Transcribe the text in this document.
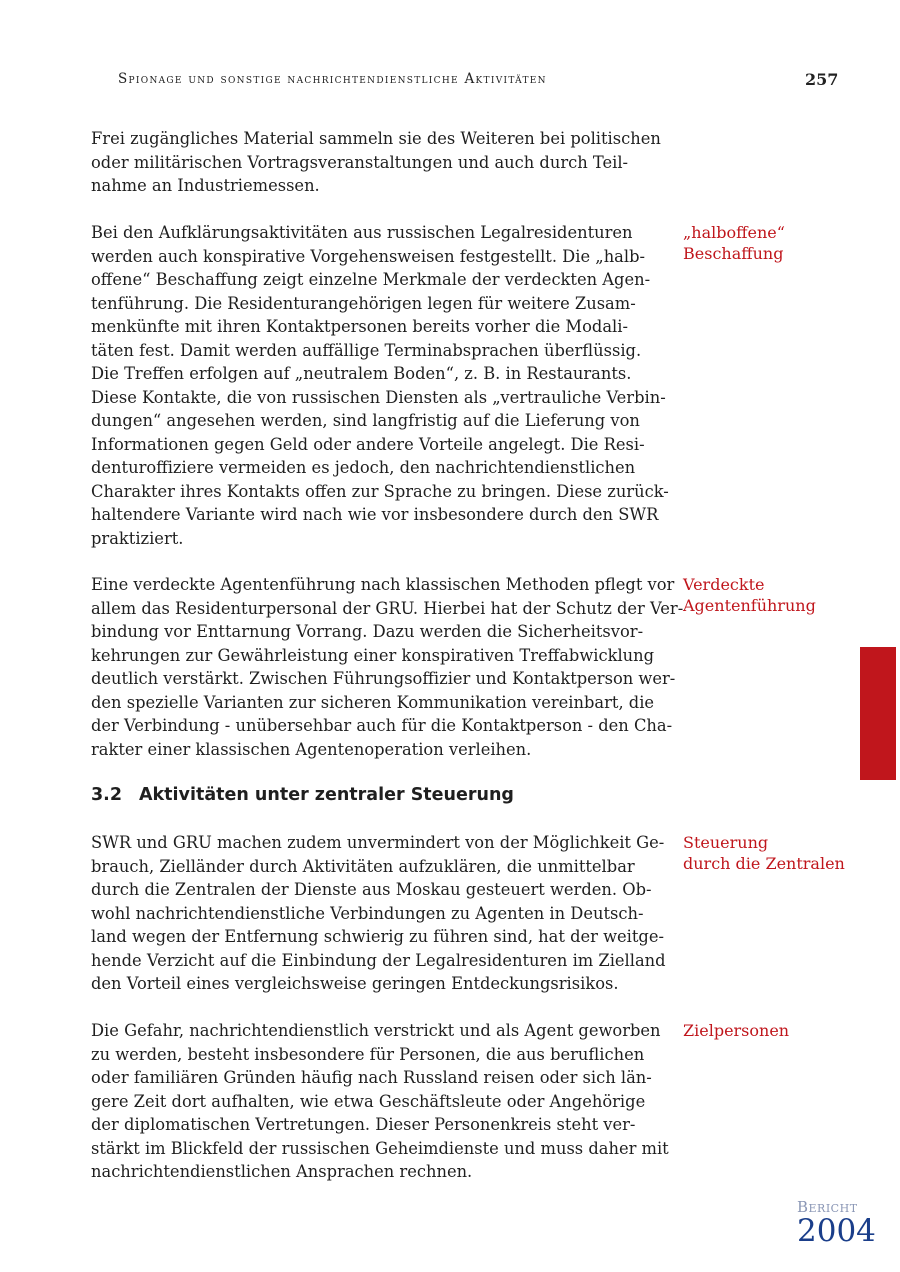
Spionage und sonstige nachrichtendienstliche Aktivitäten	257

Frei zugängliches Material sammeln sie des Weiteren bei politischen
oder militärischen Vortragsveranstaltungen und auch durch Teil-
nahme an Industriemessen.

Bei den Aufklärungsaktivitäten aus russischen Legalresidenturen
werden auch konspirative Vorgehensweisen festgestellt. Die „halb-
offene“ Beschaffung zeigt einzelne Merkmale der verdeckten Agen-
tenführung. Die Residenturangehörigen legen für weitere Zusam-
menkünfte mit ihren Kontaktpersonen bereits vorher die Modali-
täten fest. Damit werden auffällige Terminabsprachen überflüssig.
Die Treffen erfolgen auf „neutralem Boden“, z. B. in Restaurants.
Diese Kontakte, die von russischen Diensten als „vertrauliche Verbin-
dungen“ angesehen werden, sind langfristig auf die Lieferung von
Informationen gegen Geld oder andere Vorteile angelegt. Die Resi-
denturoffiziere vermeiden es jedoch, den nachrichtendienstlichen
Charakter ihres Kontakts offen zur Sprache zu bringen. Diese zurück-
haltendere Variante wird nach wie vor insbesondere durch den SWR
praktiziert.

Eine verdeckte Agentenführung nach klassischen Methoden pflegt vor
allem das Residenturpersonal der GRU. Hierbei hat der Schutz der Ver-
bindung vor Enttarnung Vorrang. Dazu werden die Sicherheitsvor-
kehrungen zur Gewährleistung einer konspirativen Treffabwicklung
deutlich verstärkt. Zwischen Führungsoffizier und Kontaktperson wer-
den spezielle Varianten zur sicheren Kommunikation vereinbart, die
der Verbindung - unübersehbar auch für die Kontaktperson - den Cha-
rakter einer klassischen Agentenoperation verleihen.

3.2 Aktivitäten unter zentraler Steuerung

SWR und GRU machen zudem unvermindert von der Möglichkeit Ge-
brauch, Zielländer durch Aktivitäten aufzuklären, die unmittelbar
durch die Zentralen der Dienste aus Moskau gesteuert werden. Ob-
wohl nachrichtendienstliche Verbindungen zu Agenten in Deutsch-
land wegen der Entfernung schwierig zu führen sind, hat der weitge-
hende Verzicht auf die Einbindung der Legalresidenturen im Zielland
den Vorteil eines vergleichsweise geringen Entdeckungsrisikos.

Die Gefahr, nachrichtendienstlich verstrickt und als Agent geworben
zu werden, besteht insbesondere für Personen, die aus beruflichen
oder familiären Gründen häufig nach Russland reisen oder sich län-
gere Zeit dort aufhalten, wie etwa Geschäftsleute oder Angehörige
der diplomatischen Vertretungen. Dieser Personenkreis steht ver-
stärkt im Blickfeld der russischen Geheimdienste und muss daher mit
nachrichtendienstlichen Ansprachen rechnen.

„halboffene“
Beschaffung
Verdeckte
Agentenführung
Steuerung
durch die Zentralen
Zielpersonen
Bericht
2004
